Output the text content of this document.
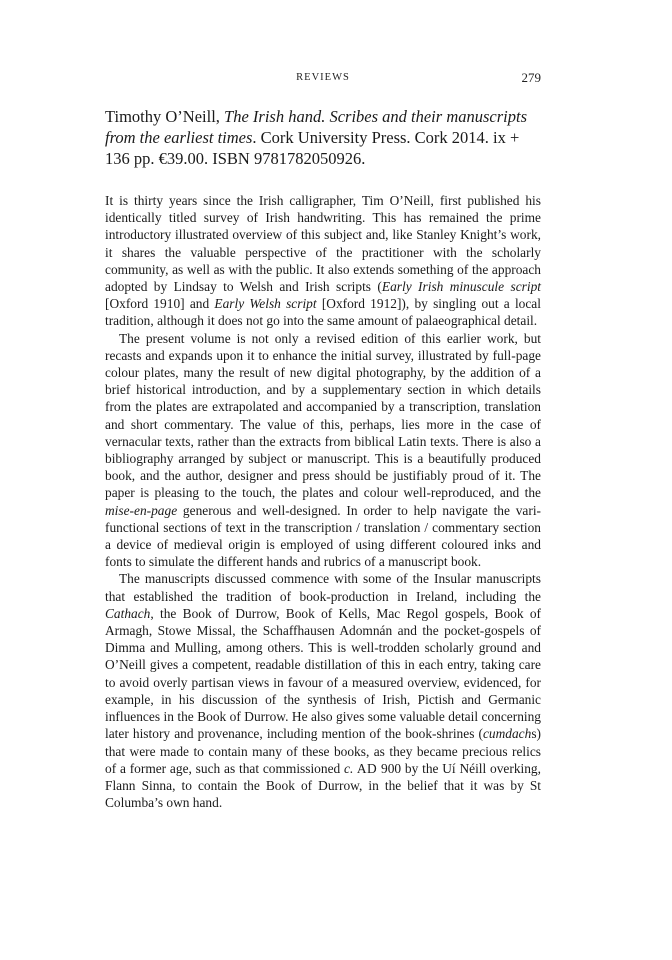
REVIEWS	279
Timothy O’Neill, The Irish hand. Scribes and their manuscripts from the earliest times. Cork University Press. Cork 2014. ix + 136 pp. €39.00. ISBN 9781782050926.

It is thirty years since the Irish calligrapher, Tim O’Neill, first published his identically titled survey of Irish handwriting. This has remained the prime introductory illustrated overview of this subject and, like Stanley Knight’s work, it shares the valuable perspective of the practitioner with the scholarly community, as well as with the public. It also extends something of the approach adopted by Lindsay to Welsh and Irish scripts (Early Irish minuscule script [Oxford 1910] and Early Welsh script [Oxford 1912]), by singling out a local tradition, although it does not go into the same amount of palaeographical detail.

The present volume is not only a revised edition of this earlier work, but recasts and expands upon it to enhance the initial survey, illustrated by full-page colour plates, many the result of new digital photography, by the addition of a brief historical introduction, and by a supplementary section in which details from the plates are extrapolated and accompanied by a transcription, translation and short commentary. The value of this, perhaps, lies more in the case of vernacular texts, rather than the extracts from biblical Latin texts. There is also a bibliography arranged by subject or manuscript. This is a beautifully produced book, and the author, designer and press should be justifiably proud of it. The paper is pleasing to the touch, the plates and colour well-reproduced, and the mise-en-page generous and well-designed. In order to help navigate the vari-functional sections of text in the transcription / translation / commentary section a device of medieval origin is employed of using different coloured inks and fonts to simulate the different hands and rubrics of a manuscript book.

The manuscripts discussed commence with some of the Insular manuscripts that established the tradition of book-production in Ireland, including the Cathach, the Book of Durrow, Book of Kells, Mac Regol gospels, Book of Armagh, Stowe Missal, the Schaffhausen Adomnán and the pocket-gospels of Dimma and Mulling, among others. This is well-trodden scholarly ground and O’Neill gives a competent, readable distillation of this in each entry, taking care to avoid overly partisan views in favour of a measured overview, evidenced, for example, in his discussion of the synthesis of Irish, Pictish and Germanic influences in the Book of Durrow. He also gives some valuable detail concerning later history and provenance, including mention of the book-shrines (cumdachs) that were made to contain many of these books, as they became precious relics of a former age, such as that commissioned c. AD 900 by the Uí Néill overking, Flann Sinna, to contain the Book of Durrow, in the belief that it was by St Columba’s own hand.
